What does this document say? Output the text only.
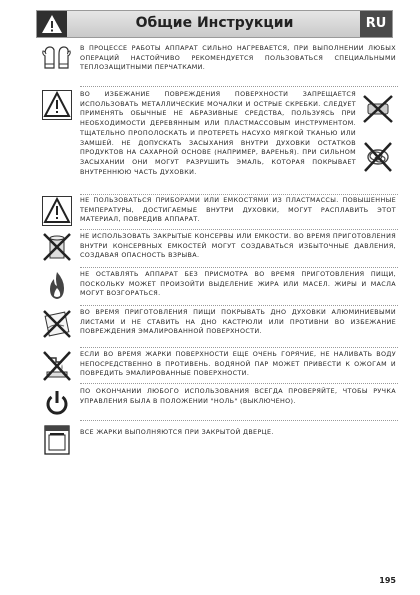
Общие Инструкции	RU
В ПРОЦЕССЕ РАБОТЫ АППАРАТ СИЛЬНО НАГРЕВАЕТСЯ, ПРИ ВЫПОЛНЕНИИ ЛЮБЫХ ОПЕРАЦИЙ НАСТОЙЧИВО РЕКОМЕНДУЕТСЯ ПОЛЬЗОВАТЬСЯ СПЕЦИАЛЬНЫМИ ТЕПЛОЗАЩИТНЫМИ ПЕРЧАТКАМИ.
ВО ИЗБЕЖАНИЕ ПОВРЕЖДЕНИЯ ПОВЕРХНОСТИ ЗАПРЕЩАЕТСЯ ИСПОЛЬЗОВАТЬ МЕТАЛЛИЧЕСКИЕ МОЧАЛКИ И ОСТРЫЕ СКРЕБКИ. СЛЕДУЕТ ПРИМЕНЯТЬ ОБЫЧНЫЕ НЕ АБРАЗИВНЫЕ СРЕДСТВА, ПОЛЬЗУЯСЬ ПРИ НЕОБХОДИМОСТИ ДЕРЕВЯННЫМ ИЛИ ПЛАСТМАССОВЫМ ИНСТРУМЕНТОМ. ТЩАТЕЛЬНО ПРОПОЛОСКАТЬ И ПРОТЕРЕТЬ НАСУХО МЯГКОЙ ТКАНЬЮ ИЛИ ЗАМШЕЙ. НЕ ДОПУСКАТЬ ЗАСЫХАНИЯ ВНУТРИ ДУХОВКИ ОСТАТКОВ ПРОДУКТОВ НА САХАРНОЙ ОСНОВЕ (НАПРИМЕР, ВАРЕНЬЯ). ПРИ СИЛЬНОМ ЗАСЫХАНИИ ОНИ МОГУТ РАЗРУШИТЬ ЭМАЛЬ, КОТОРАЯ ПОКРЫВАЕТ ВНУТРЕННЮЮ ЧАСТЬ ДУХОВКИ.
НЕ ПОЛЬЗОВАТЬСЯ ПРИБОРАМИ ИЛИ ЕМКОСТЯМИ ИЗ ПЛАСТМАССЫ. ПОВЫШЕННЫЕ ТЕМПЕРАТУРЫ, ДОСТИГАЕМЫЕ ВНУТРИ ДУХОВКИ, МОГУТ РАСПЛАВИТЬ ЭТОТ МАТЕРИАЛ, ПОВРЕДИВ АППАРАТ.
НЕ ИСПОЛЬЗОВАТЬ ЗАКРЫТЫЕ КОНСЕРВЫ ИЛИ ЕМКОСТИ. ВО ВРЕМЯ ПРИГОТОВЛЕНИЯ ВНУТРИ КОНСЕРВНЫХ ЕМКОСТЕЙ МОГУТ СОЗДАВАТЬСЯ ИЗБЫТОЧНЫЕ ДАВЛЕНИЯ, СОЗДАВАЯ ОПАСНОСТЬ ВЗРЫВА.
НЕ ОСТАВЛЯТЬ АППАРАТ БЕЗ ПРИСМОТРА ВО ВРЕМЯ ПРИГОТОВЛЕНИЯ ПИЩИ, ПОСКОЛЬКУ МОЖЕТ ПРОИЗОЙТИ ВЫДЕЛЕНИЕ ЖИРА ИЛИ МАСЕЛ. ЖИРЫ И МАСЛА МОГУТ ВОЗГОРАТЬСЯ.
ВО ВРЕМЯ ПРИГОТОВЛЕНИЯ ПИЩИ ПОКРЫВАТЬ ДНО ДУХОВКИ АЛЮМИНИЕВЫМИ ЛИСТАМИ И НЕ СТАВИТЬ НА ДНО КАСТРЮЛИ ИЛИ ПРОТИВНИ ВО ИЗБЕЖАНИЕ ПОВРЕЖДЕНИЯ ЭМАЛИРОВАННОЙ ПОВЕРХНОСТИ.
ЕСЛИ ВО ВРЕМЯ ЖАРКИ ПОВЕРХНОСТИ ЕЩЕ ОЧЕНЬ ГОРЯЧИЕ, НЕ НАЛИВАТЬ ВОДУ НЕПОСРЕДСТВЕННО В ПРОТИВЕНЬ. ВОДЯНОЙ ПАР МОЖЕТ ПРИВЕСТИ К ОЖОГАМ И ПОВРЕДИТЬ ЭМАЛИРОВАННЫЕ ПОВЕРХНОСТИ.
ПО ОКОНЧАНИИ ЛЮБОГО ИСПОЛЬЗОВАНИЯ ВСЕГДА ПРОВЕРЯЙТЕ, ЧТОБЫ РУЧКА УПРАВЛЕНИЯ БЫЛА В ПОЛОЖЕНИИ "НОЛЬ" (ВЫКЛЮЧЕНО).
ВСЕ ЖАРКИ ВЫПОЛНЯЮТСЯ ПРИ ЗАКРЫТОЙ ДВЕРЦЕ.
195
